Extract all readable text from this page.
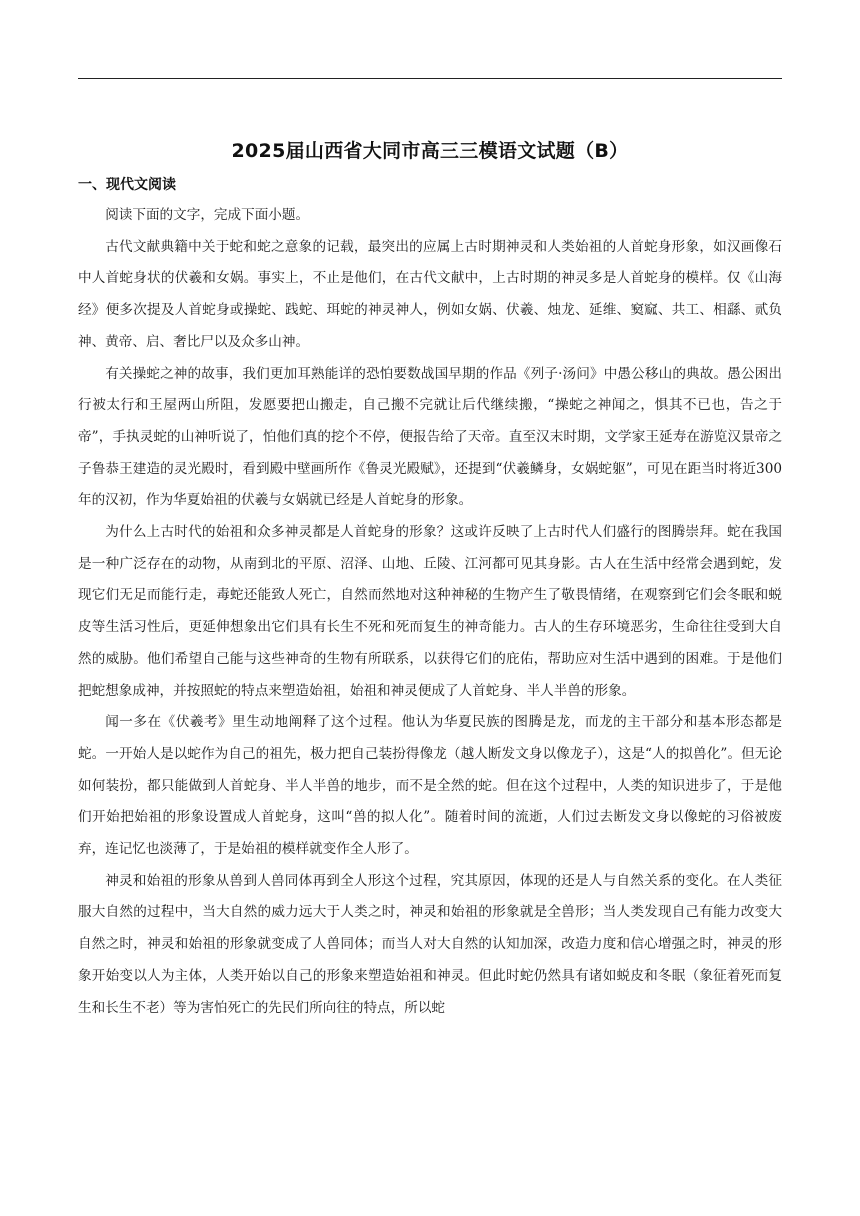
2025届山西省大同市高三三模语文试题（B）
一、现代文阅读

阅读下面的文字，完成下面小题。

古代文献典籍中关于蛇和蛇之意象的记载，最突出的应属上古时期神灵和人类始祖的人首蛇身形象，如汉画像石中人首蛇身状的伏羲和女娲。事实上，不止是他们，在古代文献中，上古时期的神灵多是人首蛇身的模样。仅《山海经》便多次提及人首蛇身或操蛇、践蛇、珥蛇的神灵神人，例如女娲、伏羲、烛龙、延维、窫窳、共工、相繇、贰负神、黄帝、启、奢比尸以及众多山神。

有关操蛇之神的故事，我们更加耳熟能详的恐怕要数战国早期的作品《列子·汤问》中愚公移山的典故。愚公困出行被太行和王屋两山所阻，发愿要把山搬走，自己搬不完就让后代继续搬，“操蛇之神闻之，惧其不已也，告之于帝”，手执灵蛇的山神听说了，怕他们真的挖个不停，便报告给了天帝。直至汉末时期，文学家王延寿在游览汉景帝之子鲁恭王建造的灵光殿时，看到殿中壁画所作《鲁灵光殿赋》，还提到“伏羲鳞身，女娲蛇躯”，可见在距当时将近300年的汉初，作为华夏始祖的伏羲与女娲就已经是人首蛇身的形象。

为什么上古时代的始祖和众多神灵都是人首蛇身的形象？这或许反映了上古时代人们盛行的图腾崇拜。蛇在我国是一种广泛存在的动物，从南到北的平原、沼泽、山地、丘陵、江河都可见其身影。古人在生活中经常会遇到蛇，发现它们无足而能行走，毒蛇还能致人死亡，自然而然地对这种神秘的生物产生了敬畏情绪，在观察到它们会冬眠和蜕皮等生活习性后，更延伸想象出它们具有长生不死和死而复生的神奇能力。古人的生存环境恶劣，生命往往受到大自然的威胁。他们希望自己能与这些神奇的生物有所联系，以获得它们的庇佑，帮助应对生活中遇到的困难。于是他们把蛇想象成神，并按照蛇的特点来塑造始祖，始祖和神灵便成了人首蛇身、半人半兽的形象。

闻一多在《伏羲考》里生动地阐释了这个过程。他认为华夏民族的图腾是龙，而龙的主干部分和基本形态都是蛇。一开始人是以蛇作为自己的祖先，极力把自己装扮得像龙（越人断发文身以像龙子），这是“人的拟兽化”。但无论如何装扮，都只能做到人首蛇身、半人半兽的地步，而不是全然的蛇。但在这个过程中，人类的知识进步了，于是他们开始把始祖的形象设置成人首蛇身，这叫“兽的拟人化”。随着时间的流逝，人们过去断发文身以像蛇的习俗被废弃，连记忆也淡薄了，于是始祖的模样就变作全人形了。

神灵和始祖的形象从兽到人兽同体再到全人形这个过程，究其原因，体现的还是人与自然关系的变化。在人类征服大自然的过程中，当大自然的威力远大于人类之时，神灵和始祖的形象就是全兽形；当人类发现自己有能力改变大自然之时，神灵和始祖的形象就变成了人兽同体；而当人对大自然的认知加深，改造力度和信心增强之时，神灵的形象开始变以人为主体，人类开始以自己的形象来塑造始祖和神灵。但此时蛇仍然具有诸如蜕皮和冬眠（象征着死而复生和长生不老）等为害怕死亡的先民们所向往的特点，所以蛇
